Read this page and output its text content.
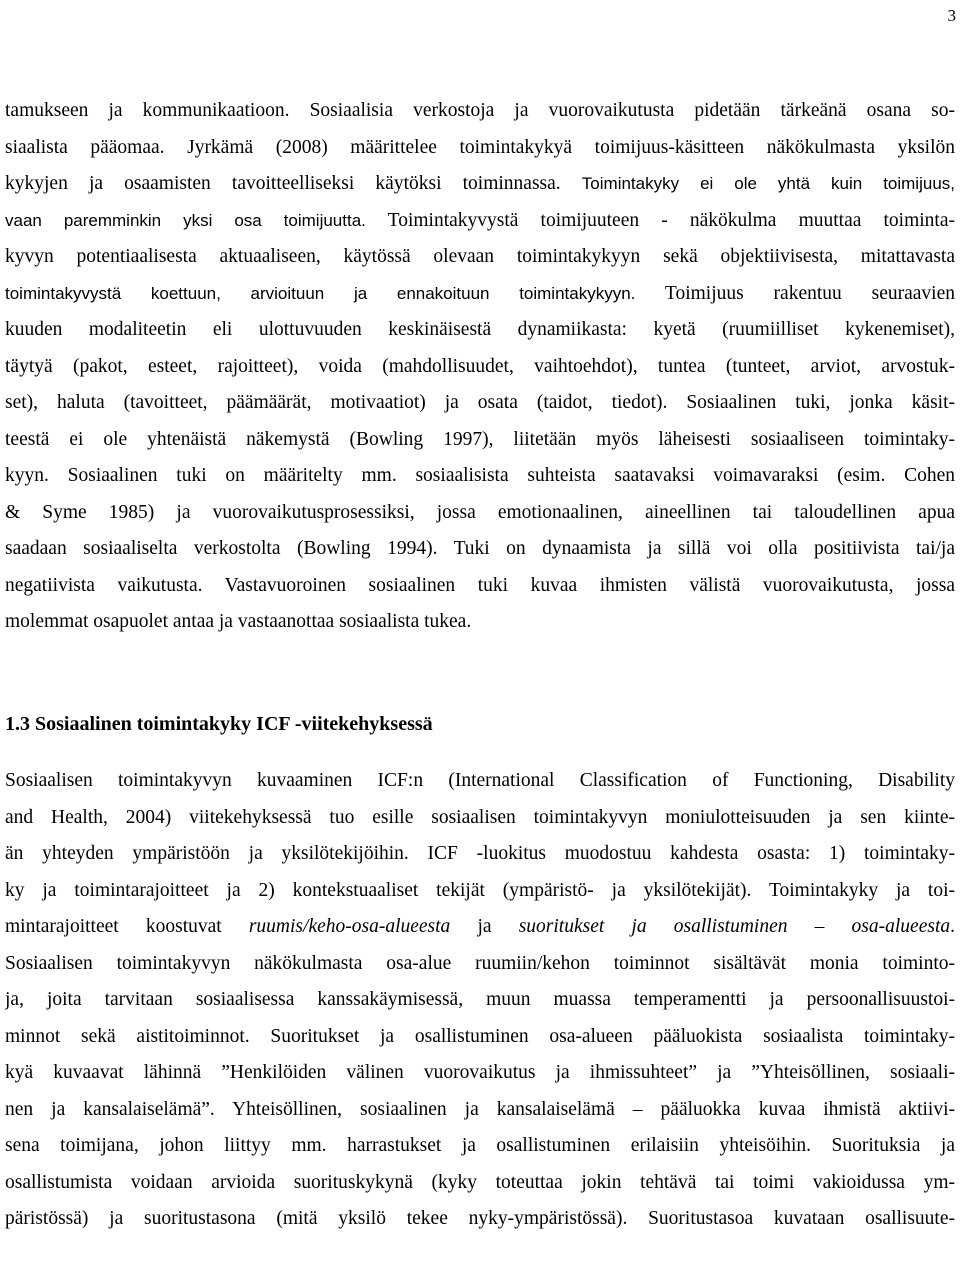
3
tamukseen ja kommunikaatioon. Sosiaalisia verkostoja ja vuorovaikutusta pidetään tärkeänä osana so-
siaalista pääomaa. Jyrkämä (2008) määrittelee toimintakykyä toimijuus-käsitteen näkökulmasta yksilön
kykyjen ja osaamisten tavoitteelliseksi käytöksi toiminnassa. Toimintakyky ei ole yhtä kuin toimijuus,
vaan paremminkin yksi osa toimijuutta. Toimintakyvystä toimijuuteen - näkökulma muuttaa toiminta-
kyvyn potentiaalisesta aktuaaliseen, käytössä olevaan toimintakykyyn sekä objektiivisesta, mitattavasta
toimintakyvystä koettuun, arvioituun ja ennakoituun toimintakykyyn. Toimijuus rakentuu seuraavien
kuuden modaliteetin eli ulottuvuuden keskinäisestä dynamiikasta: kyetä (ruumiilliset kykenemiset),
täytyä (pakot, esteet, rajoitteet), voida (mahdollisuudet, vaihtoehdot), tuntea (tunteet, arviot, arvostuk-
set), haluta (tavoitteet, päämäärät, motivaatiot) ja osata (taidot, tiedot). Sosiaalinen tuki, jonka käsit-
teestä ei ole yhtenäistä näkemystä (Bowling 1997), liitetään myös läheisesti sosiaaliseen toimintaky-
kyyn. Sosiaalinen tuki on määritelty mm. sosiaalisista suhteista saatavaksi voimavaraksi (esim. Cohen
& Syme 1985) ja vuorovaikutusprosessiksi, jossa emotionaalinen, aineellinen tai taloudellinen apua
saadaan sosiaaliselta verkostolta (Bowling 1994). Tuki on dynaamista ja sillä voi olla positiivista tai/ja
negatiivista vaikutusta. Vastavuoroinen sosiaalinen tuki kuvaa ihmisten välistä vuorovaikutusta, jossa
molemmat osapuolet antaa ja vastaanottaa sosiaalista tukea.
1.3 Sosiaalinen toimintakyky ICF -viitekehyksessä
Sosiaalisen toimintakyvyn kuvaaminen ICF:n (International Classification of Functioning, Disability
and Health, 2004) viitekehyksessä tuo esille sosiaalisen toimintakyvyn moniulotteisuuden ja sen kiinte-
än yhteyden ympäristöön ja yksilötekijöihin. ICF -luokitus muodostuu kahdesta osasta: 1) toimintaky-
ky ja toimintarajoitteet ja 2) kontekstuaaliset tekijät (ympäristö- ja yksilötekijät). Toimintakyky ja toi-
mintarajoitteet koostuvat ruumis/keho-osa-alueesta ja suoritukset ja osallistuminen – osa-alueesta.
Sosiaalisen toimintakyvyn näkökulmasta osa-alue ruumiin/kehon toiminnot sisältävät monia toiminto-
ja, joita tarvitaan sosiaalisessa kanssakäymisessä, muun muassa temperamentti ja persoonallisuustoi-
minnot sekä aistitoiminnot. Suoritukset ja osallistuminen osa-alueen pääluokista sosiaalista toimintaky-
kyä kuvaavat lähinnä ”Henkilöiden välinen vuorovaikutus ja ihmissuhteet” ja ”Yhteisöllinen, sosiaali-
nen ja kansalaiselämä”. Yhteisöllinen, sosiaalinen ja kansalaiselämä – pääluokka kuvaa ihmistä aktiivi-
sena toimijana, johon liittyy mm. harrastukset ja osallistuminen erilaisiin yhteisöihin. Suorituksia ja
osallistumista voidaan arvioida suorituskykynä (kyky toteuttaa jokin tehtävä tai toimi vakioidussa ym-
päristössä) ja suoritustasona (mitä yksilö tekee nyky-ympäristössä). Suoritustasoa kuvataan osallisuute-
